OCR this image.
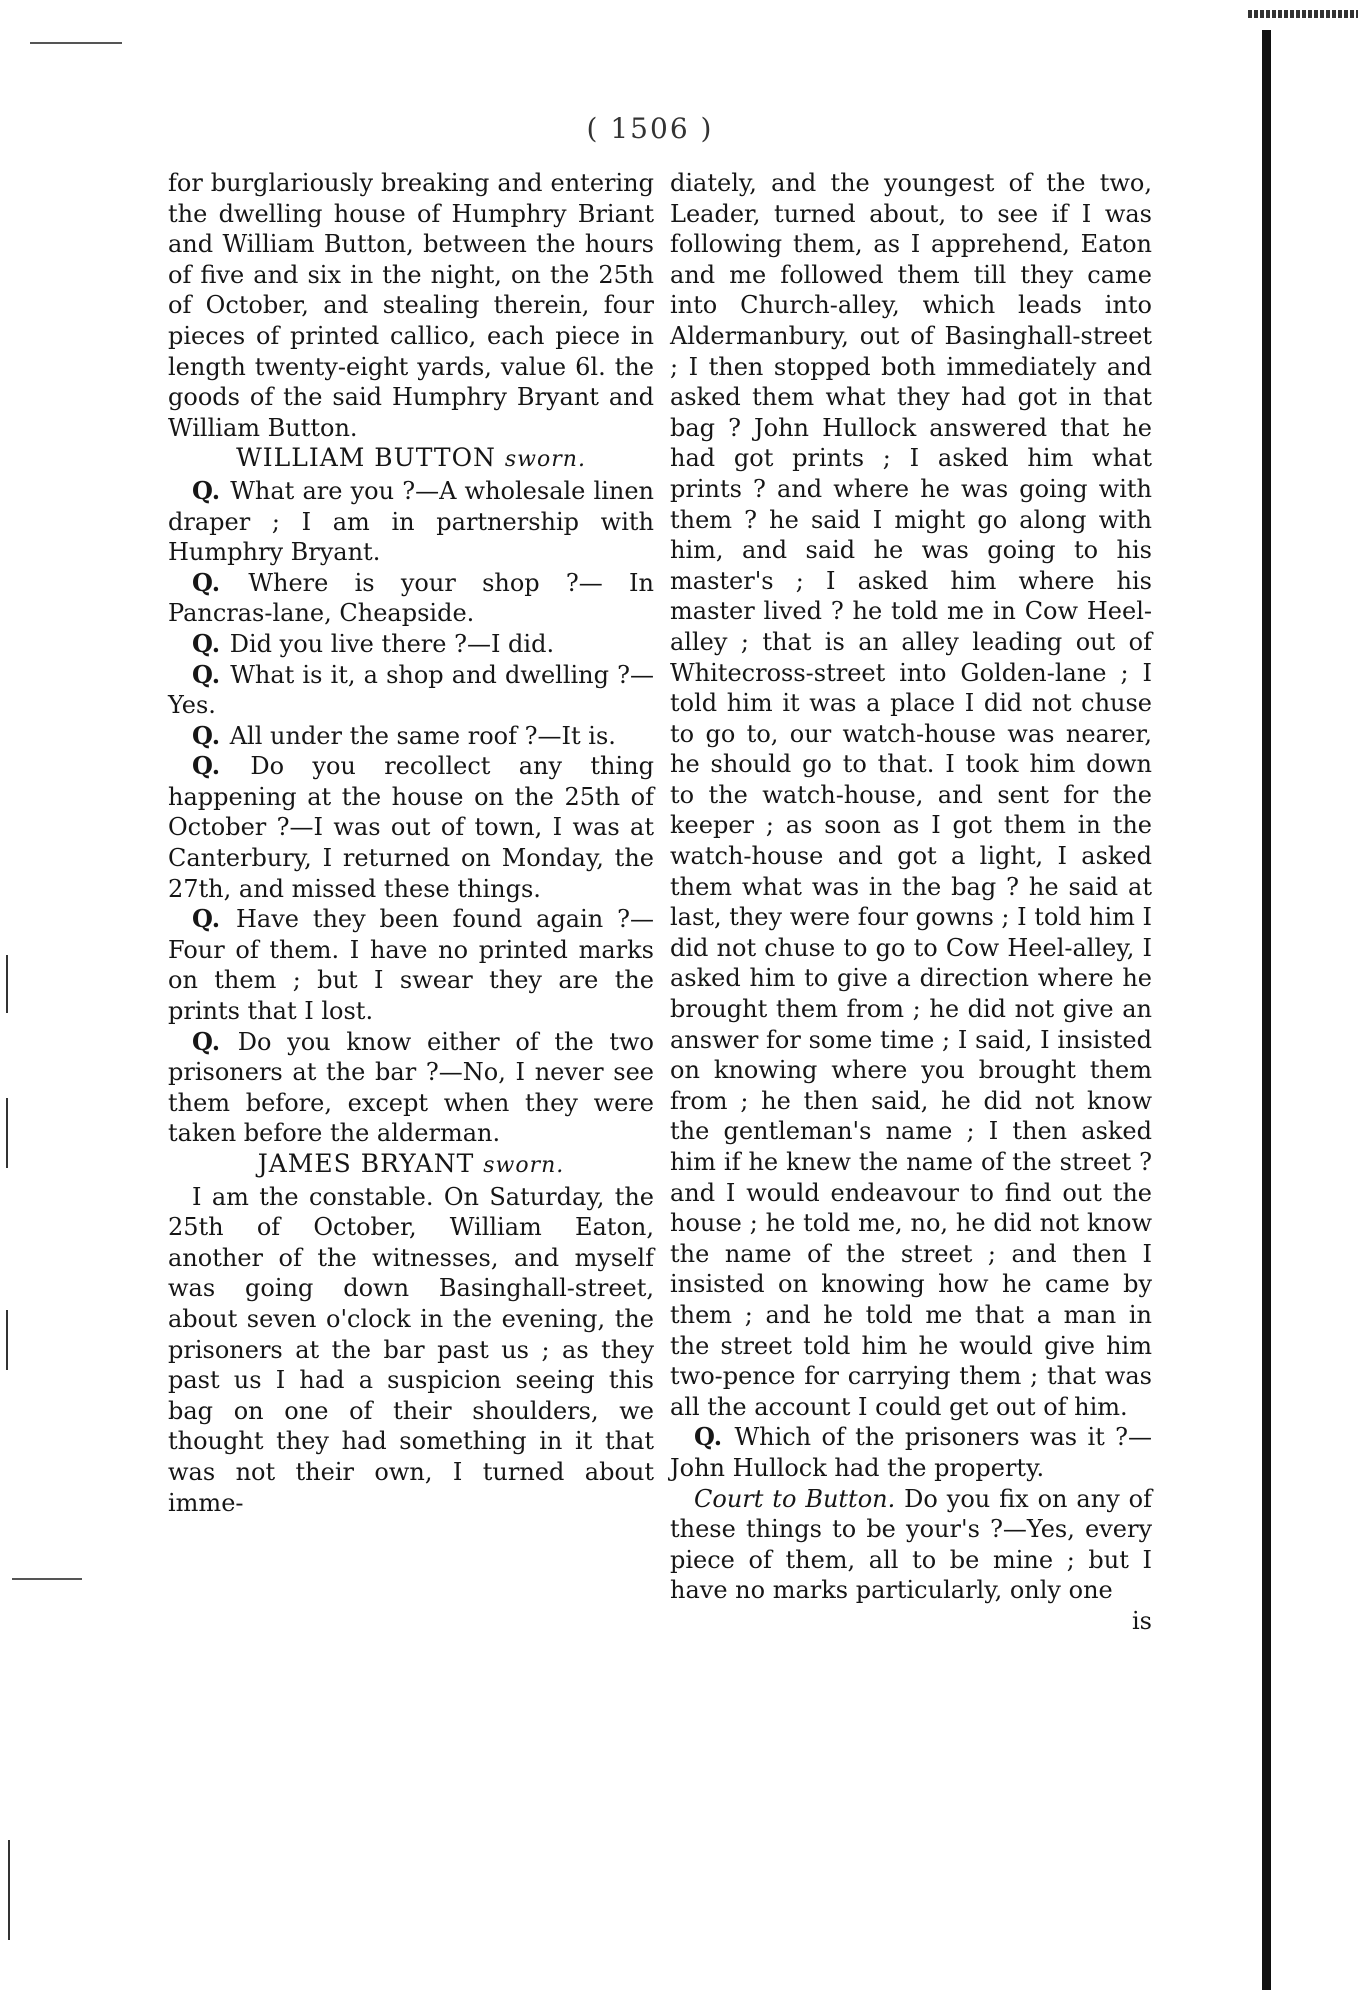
( 1506 )

for burglariously breaking and entering the dwelling house of Humphry Briant and William Button, between the hours of five and six in the night, on the 25th of October, and stealing therein, four pieces of printed callico, each piece in length twenty-eight yards, value 6l. the goods of the said Humphry Bryant and William Button.

WILLIAM BUTTON sworn.

Q. What are you ?—A wholesale linen draper ; I am in partnership with Humphry Bryant.

Q. Where is your shop ?— In Pancras-lane, Cheapside.

Q. Did you live there ?—I did.

Q. What is it, a shop and dwelling ?—Yes.

Q. All under the same roof ?—It is.

Q. Do you recollect any thing happening at the house on the 25th of October ?—I was out of town, I was at Canterbury, I returned on Monday, the 27th, and missed these things.

Q. Have they been found again ?—Four of them. I have no printed marks on them ; but I swear they are the prints that I lost.

Q. Do you know either of the two prisoners at the bar ?—No, I never see them before, except when they were taken before the alderman.

JAMES BRYANT sworn.

I am the constable. On Saturday, the 25th of October, William Eaton, another of the witnesses, and myself was going down Basinghall-street, about seven o'clock in the evening, the prisoners at the bar past us ; as they past us I had a suspicion seeing this bag on one of their shoulders, we thought they had something in it that was not their own, I turned about imme-

diately, and the youngest of the two, Leader, turned about, to see if I was following them, as I apprehend, Eaton and me followed them till they came into Church-alley, which leads into Aldermanbury, out of Basinghall-street ; I then stopped both immediately and asked them what they had got in that bag ? John Hullock answered that he had got prints ; I asked him what prints ? and where he was going with them ? he said I might go along with him, and said he was going to his master's ; I asked him where his master lived ? he told me in Cow Heel-alley ; that is an alley leading out of Whitecross-street into Golden-lane ; I told him it was a place I did not chuse to go to, our watch-house was nearer, he should go to that. I took him down to the watch-house, and sent for the keeper ; as soon as I got them in the watch-house and got a light, I asked them what was in the bag ? he said at last, they were four gowns ; I told him I did not chuse to go to Cow Heel-alley, I asked him to give a direction where he brought them from ; he did not give an answer for some time ; I said, I insisted on knowing where you brought them from ; he then said, he did not know the gentleman's name ; I then asked him if he knew the name of the street ? and I would endeavour to find out the house ; he told me, no, he did not know the name of the street ; and then I insisted on knowing how he came by them ; and he told me that a man in the street told him he would give him two-pence for carrying them ; that was all the account I could get out of him.

Q. Which of the prisoners was it ?—John Hullock had the property.

Court to Button. Do you fix on any of these things to be your's ?—Yes, every piece of them, all to be mine ; but I have no marks particularly, only one

is
